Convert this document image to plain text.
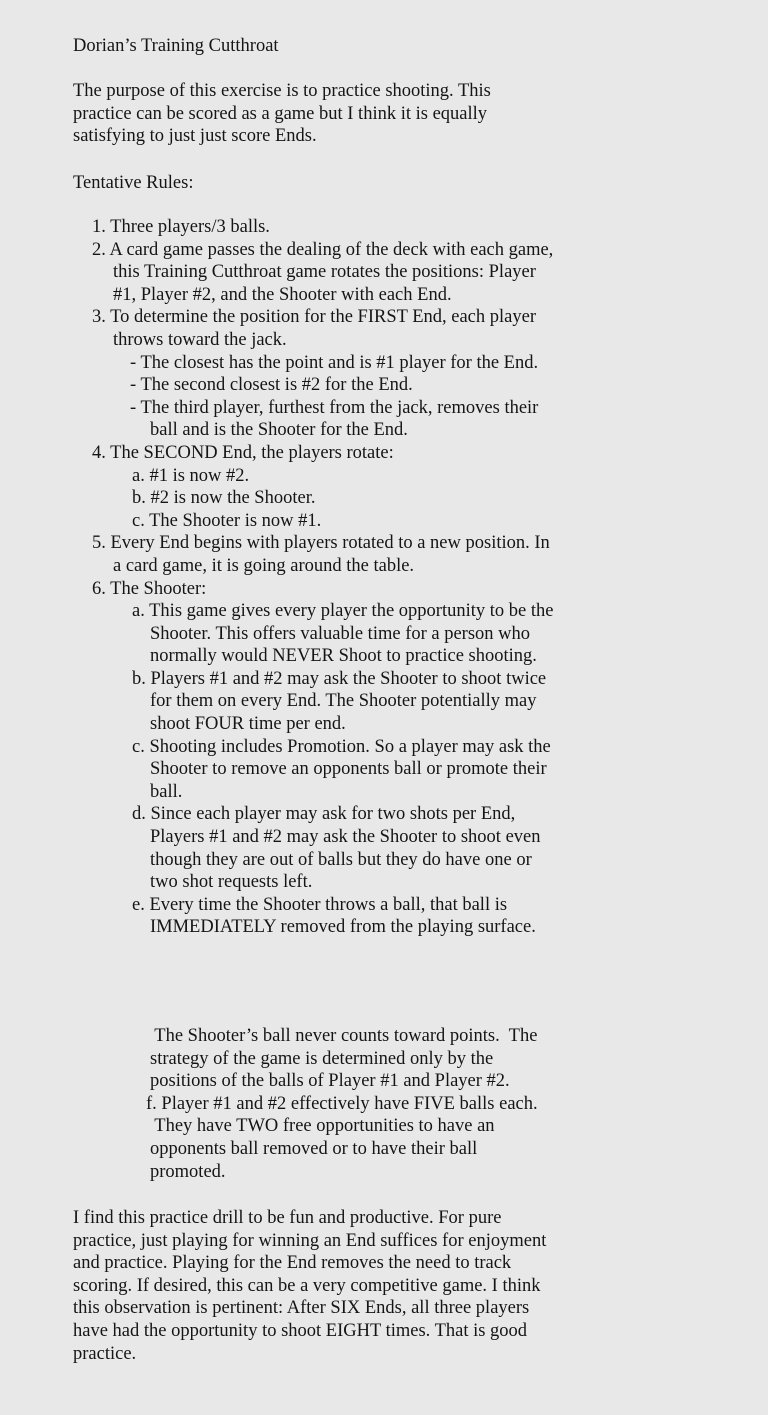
Dorian’s Training Cutthroat
The purpose of this exercise is to practice shooting. This
practice can be scored as a game but I think it is equally
satisfying to just just score Ends.
Tentative Rules:
1. Three players/3 balls.
2. A card game passes the dealing of the deck with each game,
this Training Cutthroat game rotates the positions: Player
#1, Player #2, and the Shooter with each End.
3. To determine the position for the FIRST End, each player
throws toward the jack.
- The closest has the point and is #1 player for the End.
- The second closest is #2 for the End.
- The third player, furthest from the jack, removes their
ball and is the Shooter for the End.
4. The SECOND End, the players rotate:
a. #1 is now #2.
b. #2 is now the Shooter.
c. The Shooter is now #1.
5. Every End begins with players rotated to a new position. In
a card game, it is going around the table.
6. The Shooter:
a. This game gives every player the opportunity to be the
Shooter. This offers valuable time for a person who
normally would NEVER Shoot to practice shooting.
b. Players #1 and #2 may ask the Shooter to shoot twice
for them on every End. The Shooter potentially may
shoot FOUR time per end.
c. Shooting includes Promotion. So a player may ask the
Shooter to remove an opponents ball or promote their
ball.
d. Since each player may ask for two shots per End,
Players #1 and #2 may ask the Shooter to shoot even
though they are out of balls but they do have one or
two shot requests left.
e. Every time the Shooter throws a ball, that ball is
IMMEDIATELY removed from the playing surface.
The Shooter’s ball never counts toward points.  The
strategy of the game is determined only by the
positions of the balls of Player #1 and Player #2.
f. Player #1 and #2 effectively have FIVE balls each.
They have TWO free opportunities to have an
opponents ball removed or to have their ball
promoted.
I find this practice drill to be fun and productive. For pure
practice, just playing for winning an End suffices for enjoyment
and practice. Playing for the End removes the need to track
scoring. If desired, this can be a very competitive game. I think
this observation is pertinent: After SIX Ends, all three players
have had the opportunity to shoot EIGHT times. That is good
practice.
